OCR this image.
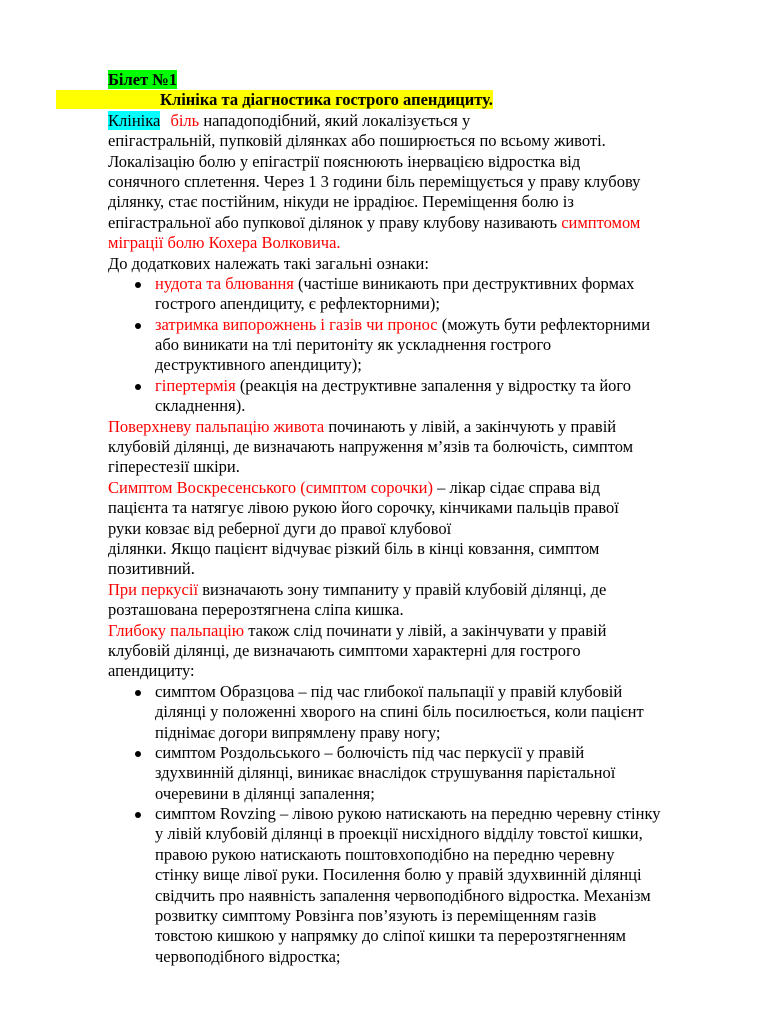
Білет №1
Клініка та діагностика гострого апендициту.
Клініка біль нападоподібний, який локалізується у
епігастральній, пупковій ділянках або поширюється по всьому животі.
Локалізацію болю у епігастрії пояснюють інервацією відростка від
сонячного сплетення. Через 1 3 години біль переміщується у праву клубову
ділянку, стає постійним, нікуди не іррадіює. Переміщення болю із
епігастральної або пупкової ділянок у праву клубову називають симптомом
міграції болю Кохера Волковича.
До додаткових належать такі загальні ознаки:
нудота та блювання (частіше виникають при деструктивних формах
гострого апендициту, є рефлекторними);
затримка випорожнень і газів чи пронос (можуть бути рефлекторними
або виникати на тлі перитоніту як ускладнення гострого
деструктивного апендициту);
гіпертермія (реакція на деструктивне запалення у відростку та його
складнення).
Поверхневу пальпацію живота починають у лівій, а закінчують у правій
клубовій ділянці, де визначають напруження м’язів та болючість, симптом
гіперестезії шкіри.
Симптом Воскресенського (симптом сорочки) – лікар сідає справа від
пацієнта та натягує лівою рукою його сорочку, кінчиками пальців правої
руки ковзає від реберної дуги до правої клубової
ділянки. Якщо пацієнт відчуває різкий біль в кінці ковзання, симптом
позитивний.
При перкусії визначають зону тимпаниту у правій клубовій ділянці, де
розташована перерозтягнена сліпа кишка.
Глибоку пальпацію також слід починати у лівій, а закінчувати у правій
клубовій ділянці, де визначають симптоми характерні для гострого
апендициту:
симптом Образцова – під час глибокої пальпації у правій клубовій
ділянці у положенні хворого на спині біль посилюється, коли пацієнт
піднімає догори випрямлену праву ногу;
симптом Роздольського – болючість під час перкусії у правій
здухвинній ділянці, виникає внаслідок струшування парієтальної
очеревини в ділянці запалення;
симптом Rovzing – лівою рукою натискають на передню черевну стінку
у лівій клубовій ділянці в проекції нисхідного відділу товстої кишки,
правою рукою натискають поштовхоподібно на передню черевну
стінку вище лівої руки. Посилення болю у правій здухвинній ділянці
свідчить про наявність запалення червоподібного відростка. Механізм
розвитку симптому Ровзінга пов’язують із переміщенням газів
товстою кишкою у напрямку до сліпої кишки та перерозтягненням
червоподібного відростка;
